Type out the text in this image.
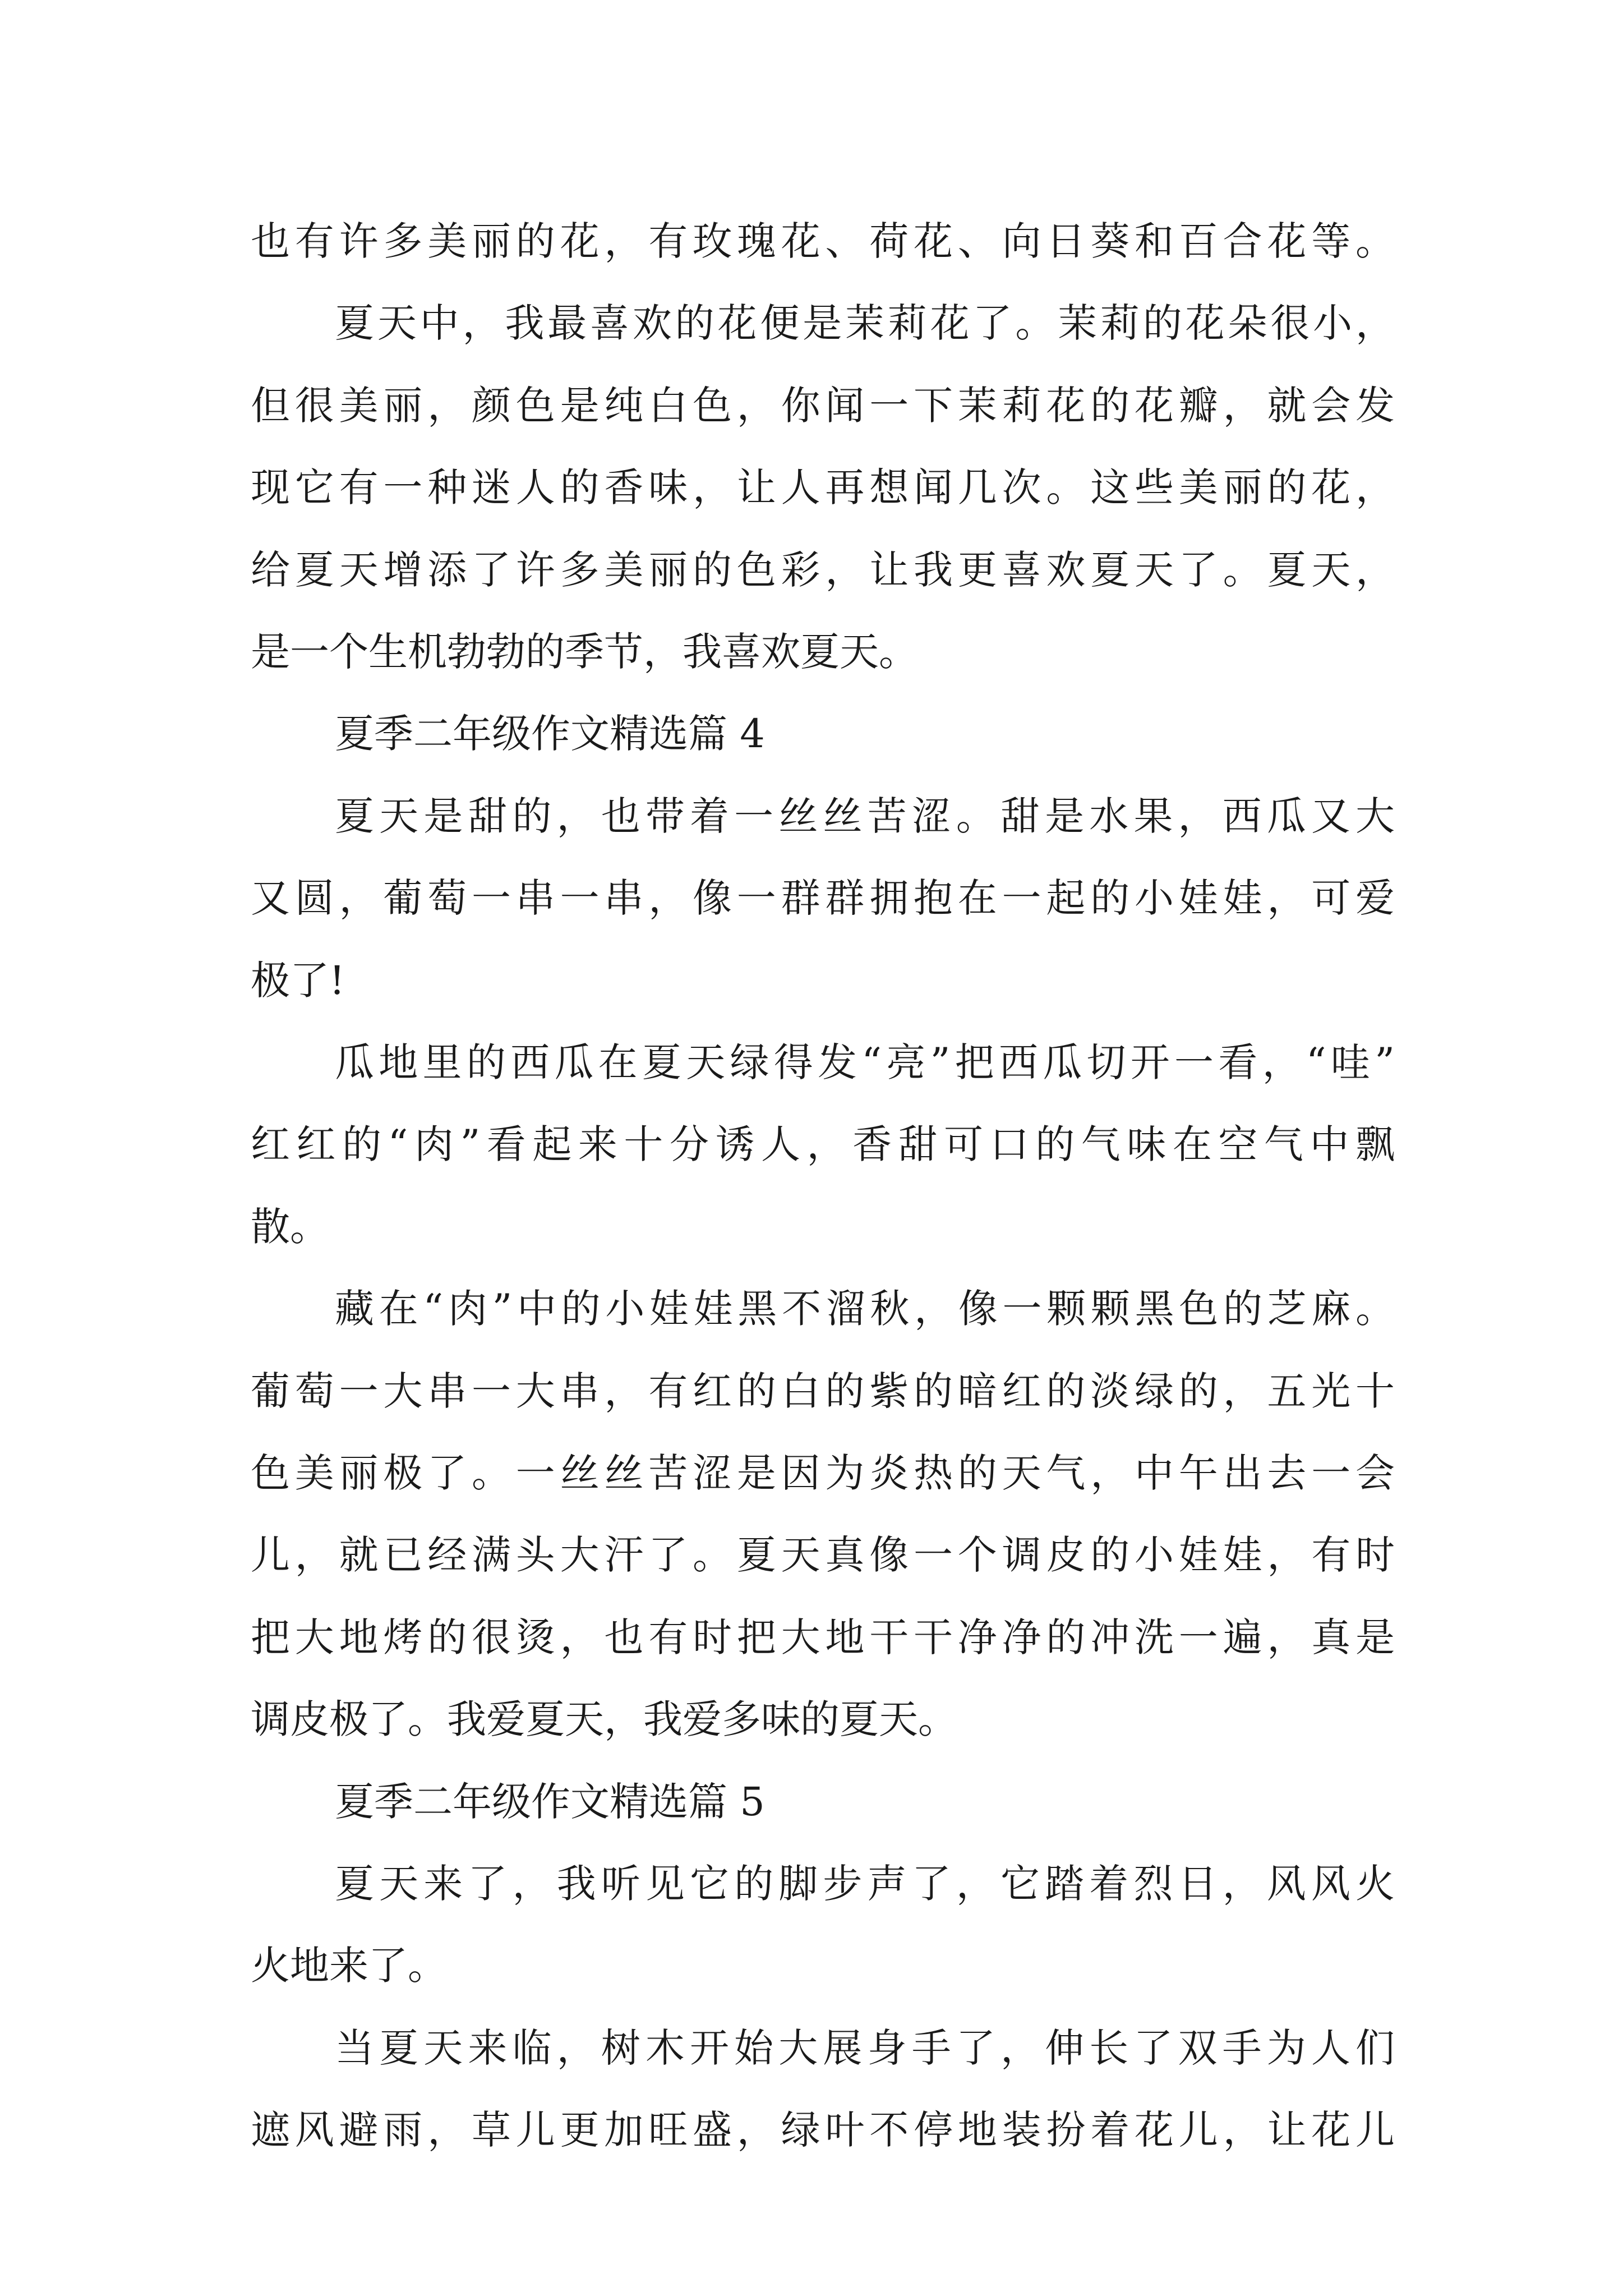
也有许多美丽的花，有玫瑰花、荷花、向日葵和百合花等。
夏天中，我最喜欢的花便是茉莉花了。茉莉的花朵很小，
但很美丽，颜色是纯白色，你闻一下茉莉花的花瓣，就会发
现它有一种迷人的香味，让人再想闻几次。这些美丽的花，
给夏天增添了许多美丽的色彩，让我更喜欢夏天了。夏天，
是一个生机勃勃的季节，我喜欢夏天。
夏季二年级作文精选篇 4
夏天是甜的，也带着一丝丝苦涩。甜是水果，西瓜又大
又圆，葡萄一串一串，像一群群拥抱在一起的小娃娃，可爱
极了!
瓜地里的西瓜在夏天绿得发“亮”把西瓜切开一看，“哇”
红红的“肉”看起来十分诱人，香甜可口的气味在空气中飘
散。
藏在“肉”中的小娃娃黑不溜秋，像一颗颗黑色的芝麻。
葡萄一大串一大串，有红的白的紫的暗红的淡绿的，五光十
色美丽极了。一丝丝苦涩是因为炎热的天气，中午出去一会
儿，就已经满头大汗了。夏天真像一个调皮的小娃娃，有时
把大地烤的很烫，也有时把大地干干净净的冲洗一遍，真是
调皮极了。我爱夏天，我爱多味的夏天。
夏季二年级作文精选篇 5
夏天来了，我听见它的脚步声了，它踏着烈日，风风火
火地来了。
当夏天来临，树木开始大展身手了，伸长了双手为人们
遮风避雨，草儿更加旺盛，绿叶不停地装扮着花儿，让花儿
